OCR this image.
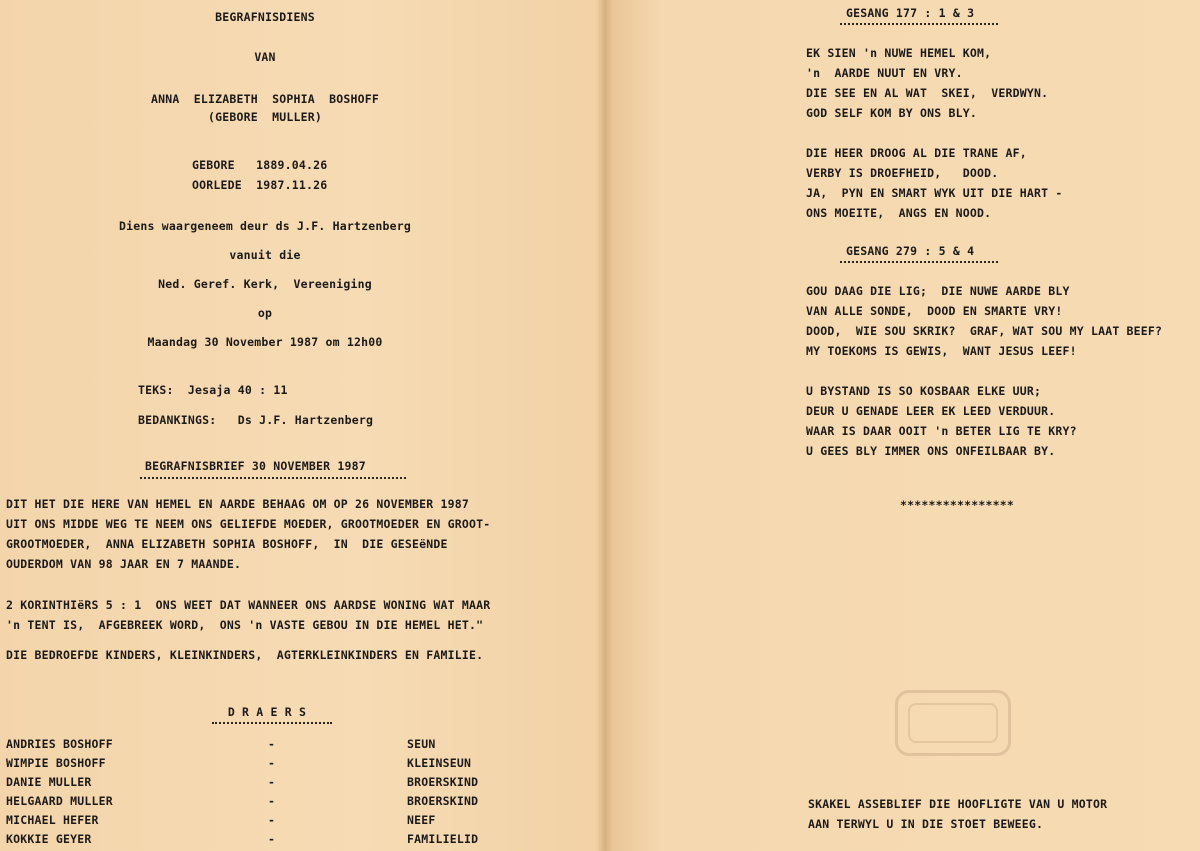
BEGRAFNISDIENS
VAN
ANNA  ELIZABETH  SOPHIA  BOSHOFF
(GEBORE  MULLER)
GEBORE   1889.04.26
OORLEDE  1987.11.26
Diens waargeneem deur ds J.F. Hartzenberg
vanuit die
Ned. Geref. Kerk,  Vereeniging
op
Maandag 30 November 1987 om 12h00
TEKS:  Jesaja 40 : 11
BEDANKINGS:   Ds J.F. Hartzenberg
BEGRAFNISBRIEF 30 NOVEMBER 1987
DIT HET DIE HERE VAN HEMEL EN AARDE BEHAAG OM OP 26 NOVEMBER 1987
UIT ONS MIDDE WEG TE NEEM ONS GELIEFDE MOEDER, GROOTMOEDER EN GROOT-
GROOTMOEDER,  ANNA ELIZABETH SOPHIA BOSHOFF,  IN  DIE GESEëNDE
OUDERDOM VAN 98 JAAR EN 7 MAANDE.
2 KORINTHIëRS 5 : 1  ONS WEET DAT WANNEER ONS AARDSE WONING WAT MAAR
'n TENT IS,  AFGEBREEK WORD,  ONS 'n VASTE GEBOU IN DIE HEMEL HET."
DIE BEDROEFDE KINDERS, KLEINKINDERS,  AGTERKLEINKINDERS EN FAMILIE.
D R A E R S
ANDRIES BOSHOFF	-	SEUN
WIMPIE BOSHOFF	-	KLEINSEUN
DANIE MULLER	-	BROERSKIND
HELGAARD MULLER	-	BROERSKIND
MICHAEL HEFER	-	NEEF
KOKKIE GEYER	-	FAMILIELID
GESANG 177 : 1 & 3
EK SIEN 'n NUWE HEMEL KOM,
'n  AARDE NUUT EN VRY.
DIE SEE EN AL WAT  SKEI,  VERDWYN.
GOD SELF KOM BY ONS BLY.
DIE HEER DROOG AL DIE TRANE AF,
VERBY IS DROEFHEID,   DOOD.
JA,  PYN EN SMART WYK UIT DIE HART -
ONS MOEITE,  ANGS EN NOOD.
GESANG 279 : 5 & 4
GOU DAAG DIE LIG;  DIE NUWE AARDE BLY
VAN ALLE SONDE,  DOOD EN SMARTE VRY!
DOOD,  WIE SOU SKRIK?  GRAF, WAT SOU MY LAAT BEEF?
MY TOEKOMS IS GEWIS,  WANT JESUS LEEF!
U BYSTAND IS SO KOSBAAR ELKE UUR;
DEUR U GENADE LEER EK LEED VERDUUR.
WAAR IS DAAR OOIT 'n BETER LIG TE KRY?
U GEES BLY IMMER ONS ONFEILBAAR BY.
****************
SKAKEL ASSEBLIEF DIE HOOFLIGTE VAN U MOTOR
AAN TERWYL U IN DIE STOET BEWEEG.
